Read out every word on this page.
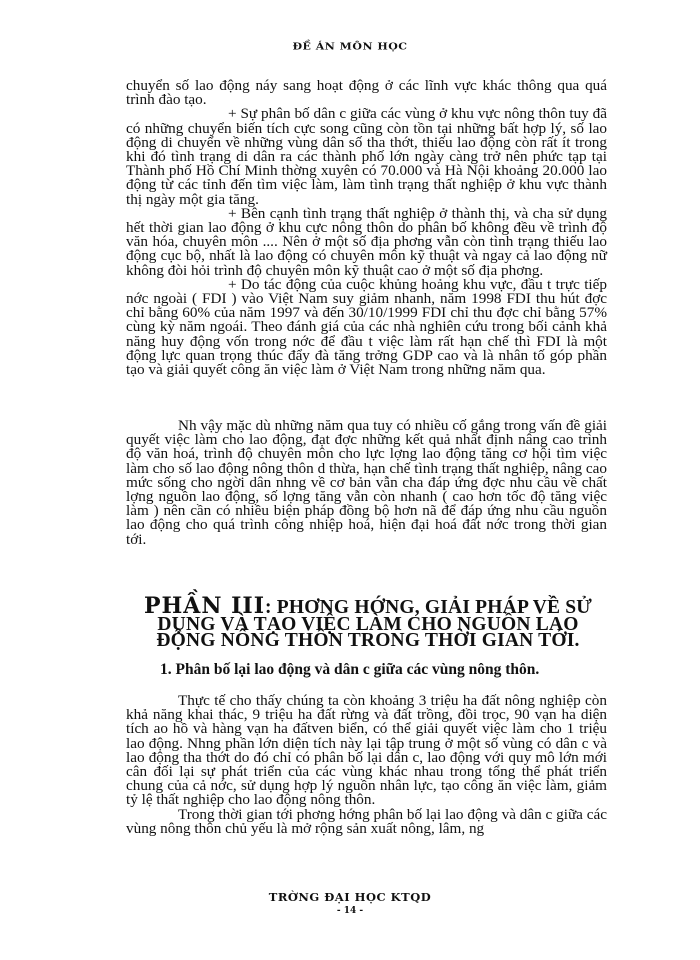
ĐỀ ÁN MÔN HỌC

chuyển số lao động náy sang hoạt động ở các lĩnh vực khác thông qua quá trình đào tạo.

+ Sự phân bố dân c giữa các vùng ở khu vực nông thôn tuy đã có những chuyển biến tích cực song cũng còn tồn tại những bất hợp lý, số lao động di chuyển về những vùng dân số tha thớt, thiếu lao động còn rất ít trong khi đó tình trạng di dân ra các thành phố lớn ngày càng trở nên phức tạp tại Thành phố Hồ Chí Minh thờng xuyên có 70.000 và Hà Nội khoảng 20.000 lao động từ các tỉnh đến tìm việc làm, làm tình trạng thất nghiệp ở khu vực thành thị ngày một gia tăng.

+ Bên cạnh tình trạng thất nghiệp ở thành thị, và cha sử dụng hết thời gian lao động ở khu cực nông thôn do phân bố không đều về trình độ văn hóa, chuyên môn .... Nên ở một số địa phơng vẫn còn tình trạng thiếu lao động cục bộ, nhất là lao động có chuyên môn kỹ thuật và ngay cả lao động nữ không đòi hỏi trình độ chuyên môn kỹ thuật cao ở một số địa phơng.

+ Do tác động của cuộc khủng hoảng khu vực, đầu t trực tiếp nớc ngoài ( FDI ) vào Việt Nam suy giảm nhanh, năm 1998 FDI thu hút đợc chỉ bằng 60% của năm 1997 và đến 30/10/1999 FDI chỉ thu đợc chỉ bằng 57% cùng kỳ năm ngoái. Theo đánh giá của các nhà nghiên cứu trong bối cảnh khả năng huy động vốn trong nớc để đầu t việc làm rất hạn chế thì FDI là một động lực quan trọng thúc đẩy đà tăng trởng GDP cao và là nhân tố góp phần tạo và giải quyết công ăn việc làm ở Việt Nam trong những năm qua.

Nh vậy mặc dù những năm qua tuy có nhiều cố gắng trong vấn đề giải quyết việc làm cho lao động, đạt đợc những kết quả nhất định nâng cao trình độ văn hoá, trình độ chuyên môn cho lực lợng lao động tăng cơ hội tìm việc làm cho số lao động nông thôn d thừa, hạn chế tình trạng thất nghiệp, nâng cao mức sống cho ngời dân nhng về cơ bản vẫn cha đáp ứng đợc nhu cầu về chất lợng nguồn lao động, số lợng tăng vẫn còn nhanh ( cao hơn tốc độ tăng việc làm ) nên cần có nhiều biện pháp đồng bộ hơn nã để đáp ứng nhu cầu nguồn lao động cho quá trình công nhiệp hoá, hiện đại hoá đất nớc trong thời gian tới.

PHẦN III: PHƠNG HỚNG, GIẢI PHÁP VỀ SỬ DỤNG VÀ TẠO VIỆC LÀM CHO NGUỒN LAO ĐỘNG NÔNG THÔN TRONG THỜI GIAN TỚI.
1. Phân bố lại lao động và dân c giữa các vùng nông thôn.

Thực tế cho thấy chúng ta còn khoảng 3 triệu ha đất nông nghiệp còn khả năng khai thác, 9 triệu ha đất rừng và đất trồng, đồi trọc, 90 vạn ha diện tích ao hồ và hàng vạn ha đấtven biển, có thể giải quyết việc làm cho 1 triệu lao động. Nhng phần lớn diện tích này lại tập trung ở một số vùng có dân c và lao động tha thớt do đó chỉ có phân bố lại dân c, lao động với quy mô lớn mới cân đối lại sự phát triển của các vùng khác nhau trong tổng thể phát triển chung của cả nớc, sử dụng hợp lý nguồn nhân lực, tạo công ăn việc làm, giảm tỷ lệ thất nghiệp cho lao động nông thôn.

Trong thời gian tới phơng hớng phân bố lại lao động và dân c giữa các vùng nông thôn chủ yếu là mở rộng sản xuất nông, lâm, ng

TRỜNG ĐẠI HỌC KTQD
- 14 -
